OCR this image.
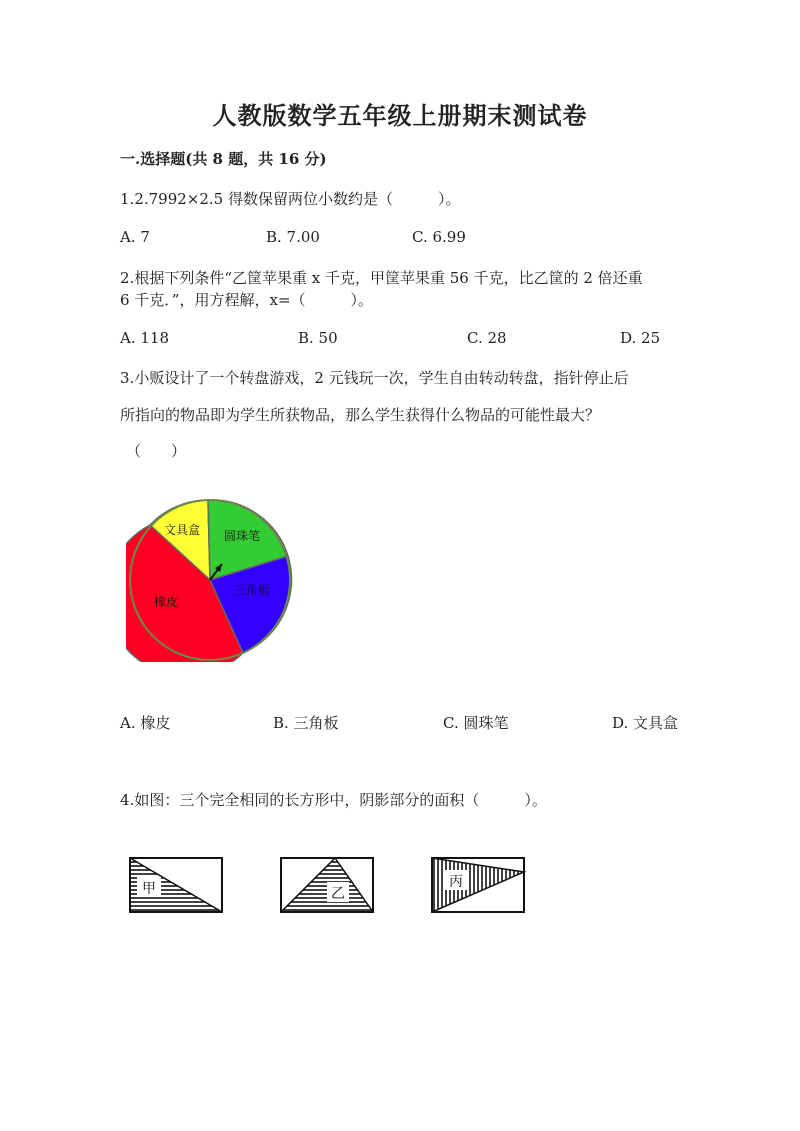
人教版数学五年级上册期末测试卷
一.选择题(共 8 题，共 16 分)
1.2.7992×2.5 得数保留两位小数约是（　　　）。
A. 7	B. 7.00	C. 6.99
2.根据下列条件“乙筐苹果重 x 千克，甲筐苹果重 56 千克，比乙筐的 2 倍还重
6 千克．”，用方程解，x=（　　　）。
A. 118	B. 50	C. 28	D. 25
3.小贩设计了一个转盘游戏，2 元钱玩一次，学生自由转动转盘，指针停止后
所指向的物品即为学生所获物品，那么学生获得什么物品的可能性最大？
（　　）
文具盒 圆珠笔
三角板
橡皮
A. 橡皮	B. 三角板	C. 圆珠笔	D. 文具盒
4.如图：三个完全相同的长方形中，阴影部分的面积（　　　）。
甲	乙
丙
